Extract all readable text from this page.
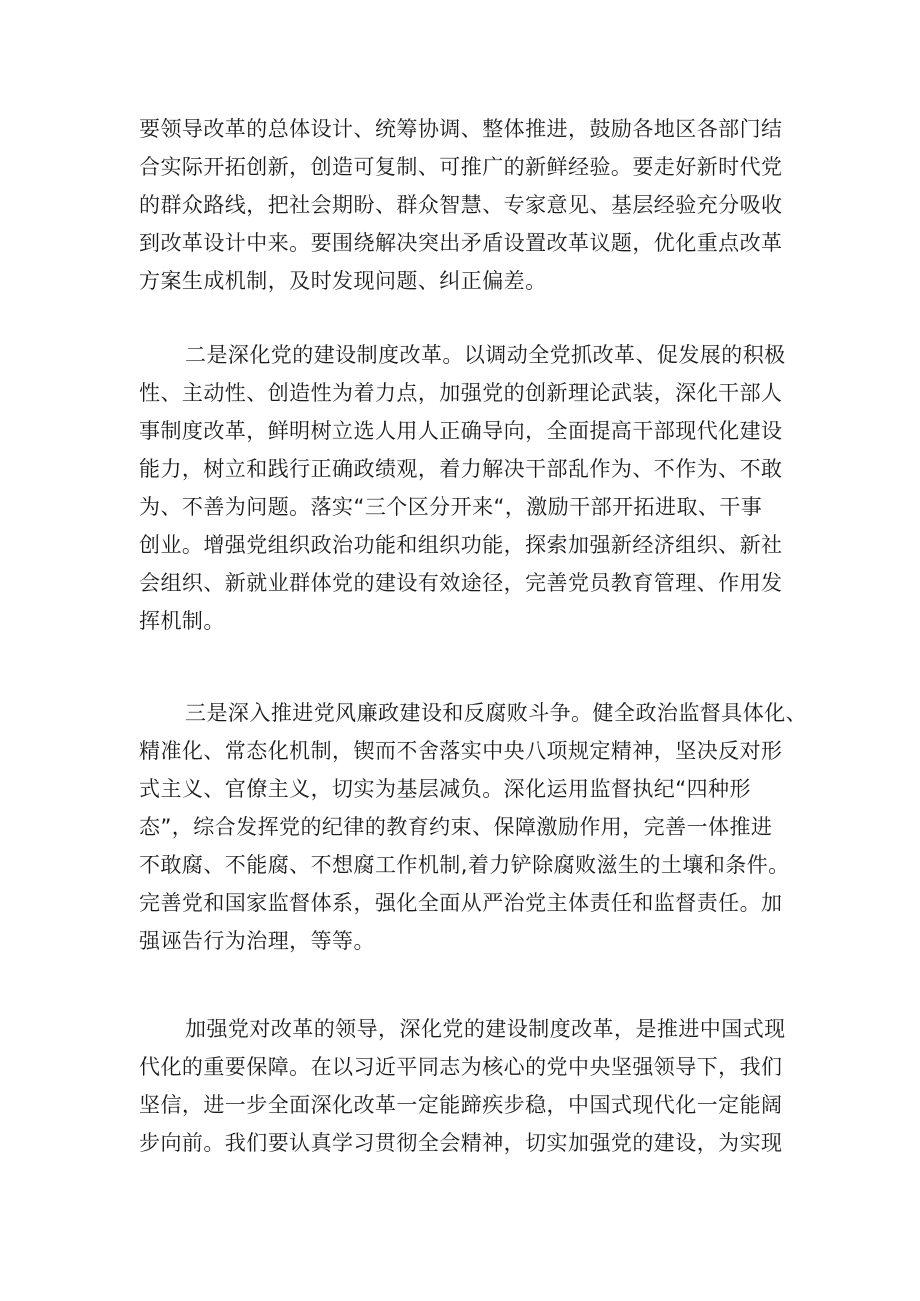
要领导改革的总体设计、统筹协调、整体推进，鼓励各地区各部门结
合实际开拓创新，创造可复制、可推广的新鲜经验。要走好新时代党
的群众路线，把社会期盼、群众智慧、专家意见、基层经验充分吸收
到改革设计中来。要围绕解决突出矛盾设置改革议题，优化重点改革
方案生成机制，及时发现问题、纠正偏差。
二是深化党的建设制度改革。以调动全党抓改革、促发展的积极
性、主动性、创造性为着力点，加强党的创新理论武装，深化干部人
事制度改革，鲜明树立选人用人正确导向，全面提高干部现代化建设
能力，树立和践行正确政绩观，着力解决干部乱作为、不作为、不敢
为、不善为问题。落实“三个区分开来“，激励干部开拓进取、干事
创业。增强党组织政治功能和组织功能，探索加强新经济组织、新社
会组织、新就业群体党的建设有效途径，完善党员教育管理、作用发
挥机制。
三是深入推进党风廉政建设和反腐败斗争。健全政治监督具体化、
精准化、常态化机制，锲而不舍落实中央八项规定精神，坚决反对形
式主义、官僚主义，切实为基层减负。深化运用监督执纪“四种形
态”，综合发挥党的纪律的教育约束、保障激励作用，完善一体推进
不敢腐、不能腐、不想腐工作机制,着力铲除腐败滋生的土壤和条件。
完善党和国家监督体系，强化全面从严治党主体责任和监督责任。加
强诬告行为治理，等等。
加强党对改革的领导，深化党的建设制度改革，是推进中国式现
代化的重要保障。在以习近平同志为核心的党中央坚强领导下，我们
坚信，进一步全面深化改革一定能蹄疾步稳，中国式现代化一定能阔
步向前。我们要认真学习贯彻全会精神，切实加强党的建设，为实现
